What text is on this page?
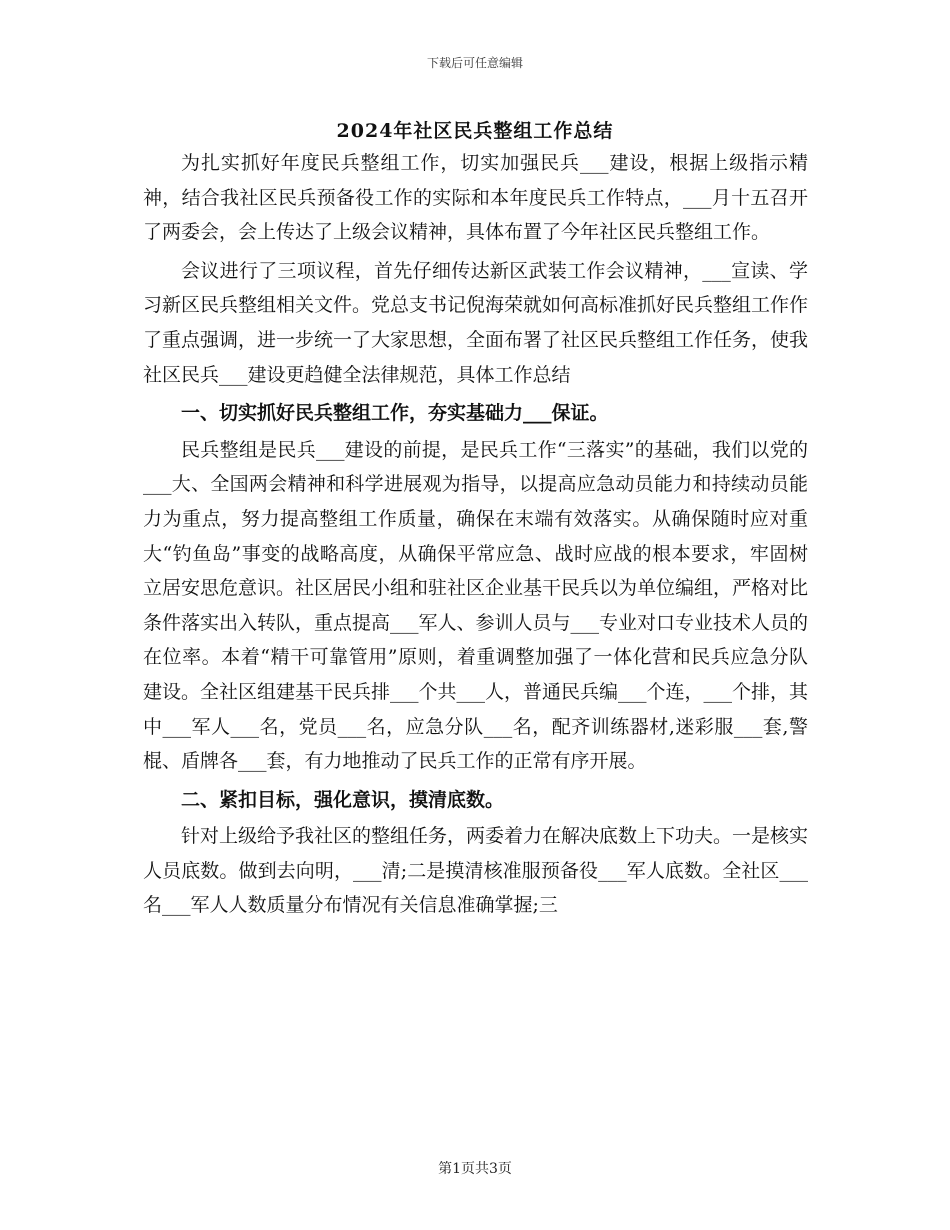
下载后可任意编辑
2024年社区民兵整组工作总结

为扎实抓好年度民兵整组工作，切实加强民兵___建设，根据上级指示精神，结合我社区民兵预备役工作的实际和本年度民兵工作特点，___月十五召开了两委会，会上传达了上级会议精神，具体布置了今年社区民兵整组工作。

会议进行了三项议程，首先仔细传达新区武装工作会议精神，___宣读、学习新区民兵整组相关文件。党总支书记倪海荣就如何高标准抓好民兵整组工作作了重点强调，进一步统一了大家思想，全面布署了社区民兵整组工作任务，使我社区民兵___建设更趋健全法律规范，具体工作总结

一、切实抓好民兵整组工作，夯实基础力___保证。

民兵整组是民兵___建设的前提，是民兵工作“三落实”的基础，我们以党的___大、全国两会精神和科学进展观为指导，以提高应急动员能力和持续动员能力为重点，努力提高整组工作质量，确保在末端有效落实。从确保随时应对重大“钓鱼岛”事变的战略高度，从确保平常应急、战时应战的根本要求，牢固树立居安思危意识。社区居民小组和驻社区企业基干民兵以为单位编组，严格对比条件落实出入转队，重点提高___军人、参训人员与___专业对口专业技术人员的在位率。本着“精干可靠管用”原则，着重调整加强了一体化营和民兵应急分队建设。全社区组建基干民兵排___个共___人，普通民兵编___个连，___个排，其中___军人___名，党员___名，应急分队___名，配齐训练器材,迷彩服___套,警棍、盾牌各___套，有力地推动了民兵工作的正常有序开展。

二、紧扣目标，强化意识，摸清底数。

针对上级给予我社区的整组任务，两委着力在解决底数上下功夫。一是核实人员底数。做到去向明，___清;二是摸清核准服预备役___军人底数。全社区___名___军人人数质量分布情况有关信息准确掌握;三

第1页共3页
